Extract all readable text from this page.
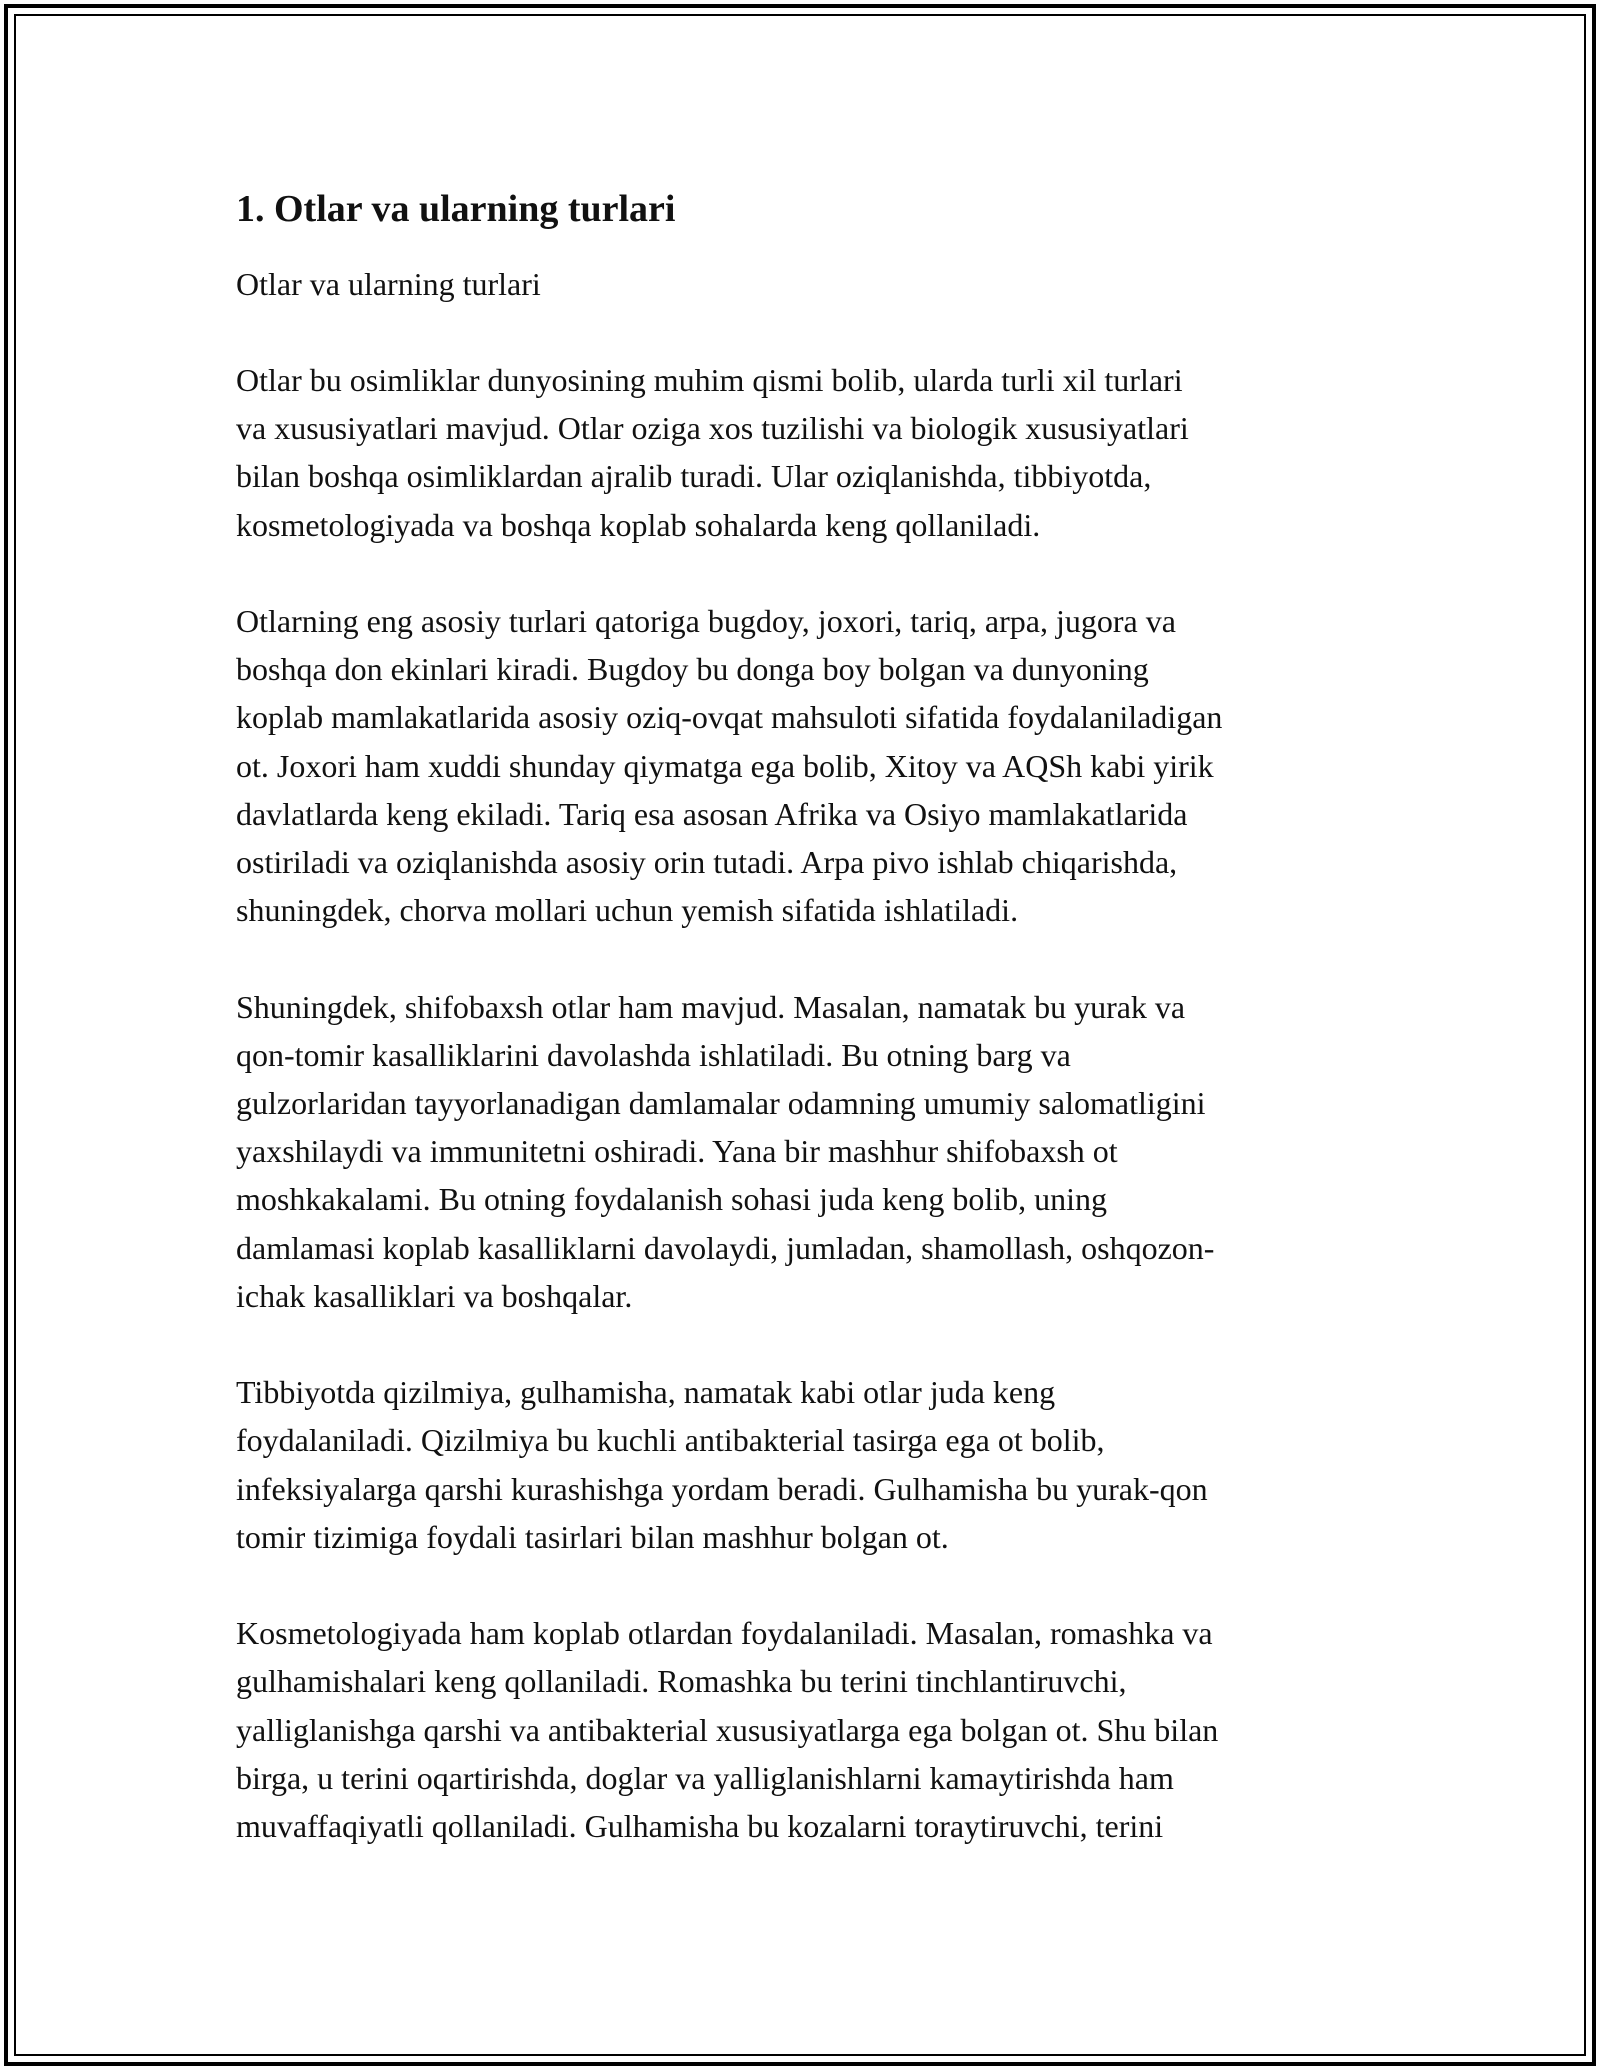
1. Otlar va ularning turlari
Otlar va ularning turlari
Otlar bu osimliklar dunyosining muhim qismi bolib, ularda turli xil turlari
va xususiyatlari mavjud. Otlar oziga xos tuzilishi va biologik xususiyatlari
bilan boshqa osimliklardan ajralib turadi. Ular oziqlanishda, tibbiyotda,
kosmetologiyada va boshqa koplab sohalarda keng qollaniladi.
Otlarning eng asosiy turlari qatoriga bugdoy, joxori, tariq, arpa, jugora va
boshqa don ekinlari kiradi. Bugdoy bu donga boy bolgan va dunyoning
koplab mamlakatlarida asosiy oziq-ovqat mahsuloti sifatida foydalaniladigan
ot. Joxori ham xuddi shunday qiymatga ega bolib, Xitoy va AQSh kabi yirik
davlatlarda keng ekiladi. Tariq esa asosan Afrika va Osiyo mamlakatlarida
ostiriladi va oziqlanishda asosiy orin tutadi. Arpa pivo ishlab chiqarishda,
shuningdek, chorva mollari uchun yemish sifatida ishlatiladi.
Shuningdek, shifobaxsh otlar ham mavjud. Masalan, namatak bu yurak va
qon-tomir kasalliklarini davolashda ishlatiladi. Bu otning barg va
gulzorlaridan tayyorlanadigan damlamalar odamning umumiy salomatligini
yaxshilaydi va immunitetni oshiradi. Yana bir mashhur shifobaxsh ot
moshkakalami. Bu otning foydalanish sohasi juda keng bolib, uning
damlamasi koplab kasalliklarni davolaydi, jumladan, shamollash, oshqozon-
ichak kasalliklari va boshqalar.
Tibbiyotda qizilmiya, gulhamisha, namatak kabi otlar juda keng
foydalaniladi. Qizilmiya bu kuchli antibakterial tasirga ega ot bolib,
infeksiyalarga qarshi kurashishga yordam beradi. Gulhamisha bu yurak-qon
tomir tizimiga foydali tasirlari bilan mashhur bolgan ot.
Kosmetologiyada ham koplab otlardan foydalaniladi. Masalan, romashka va
gulhamishalari keng qollaniladi. Romashka bu terini tinchlantiruvchi,
yalliglanishga qarshi va antibakterial xususiyatlarga ega bolgan ot. Shu bilan
birga, u terini oqartirishda, doglar va yalliglanishlarni kamaytirishda ham
muvaffaqiyatli qollaniladi. Gulhamisha bu kozalarni toraytiruvchi, terini
